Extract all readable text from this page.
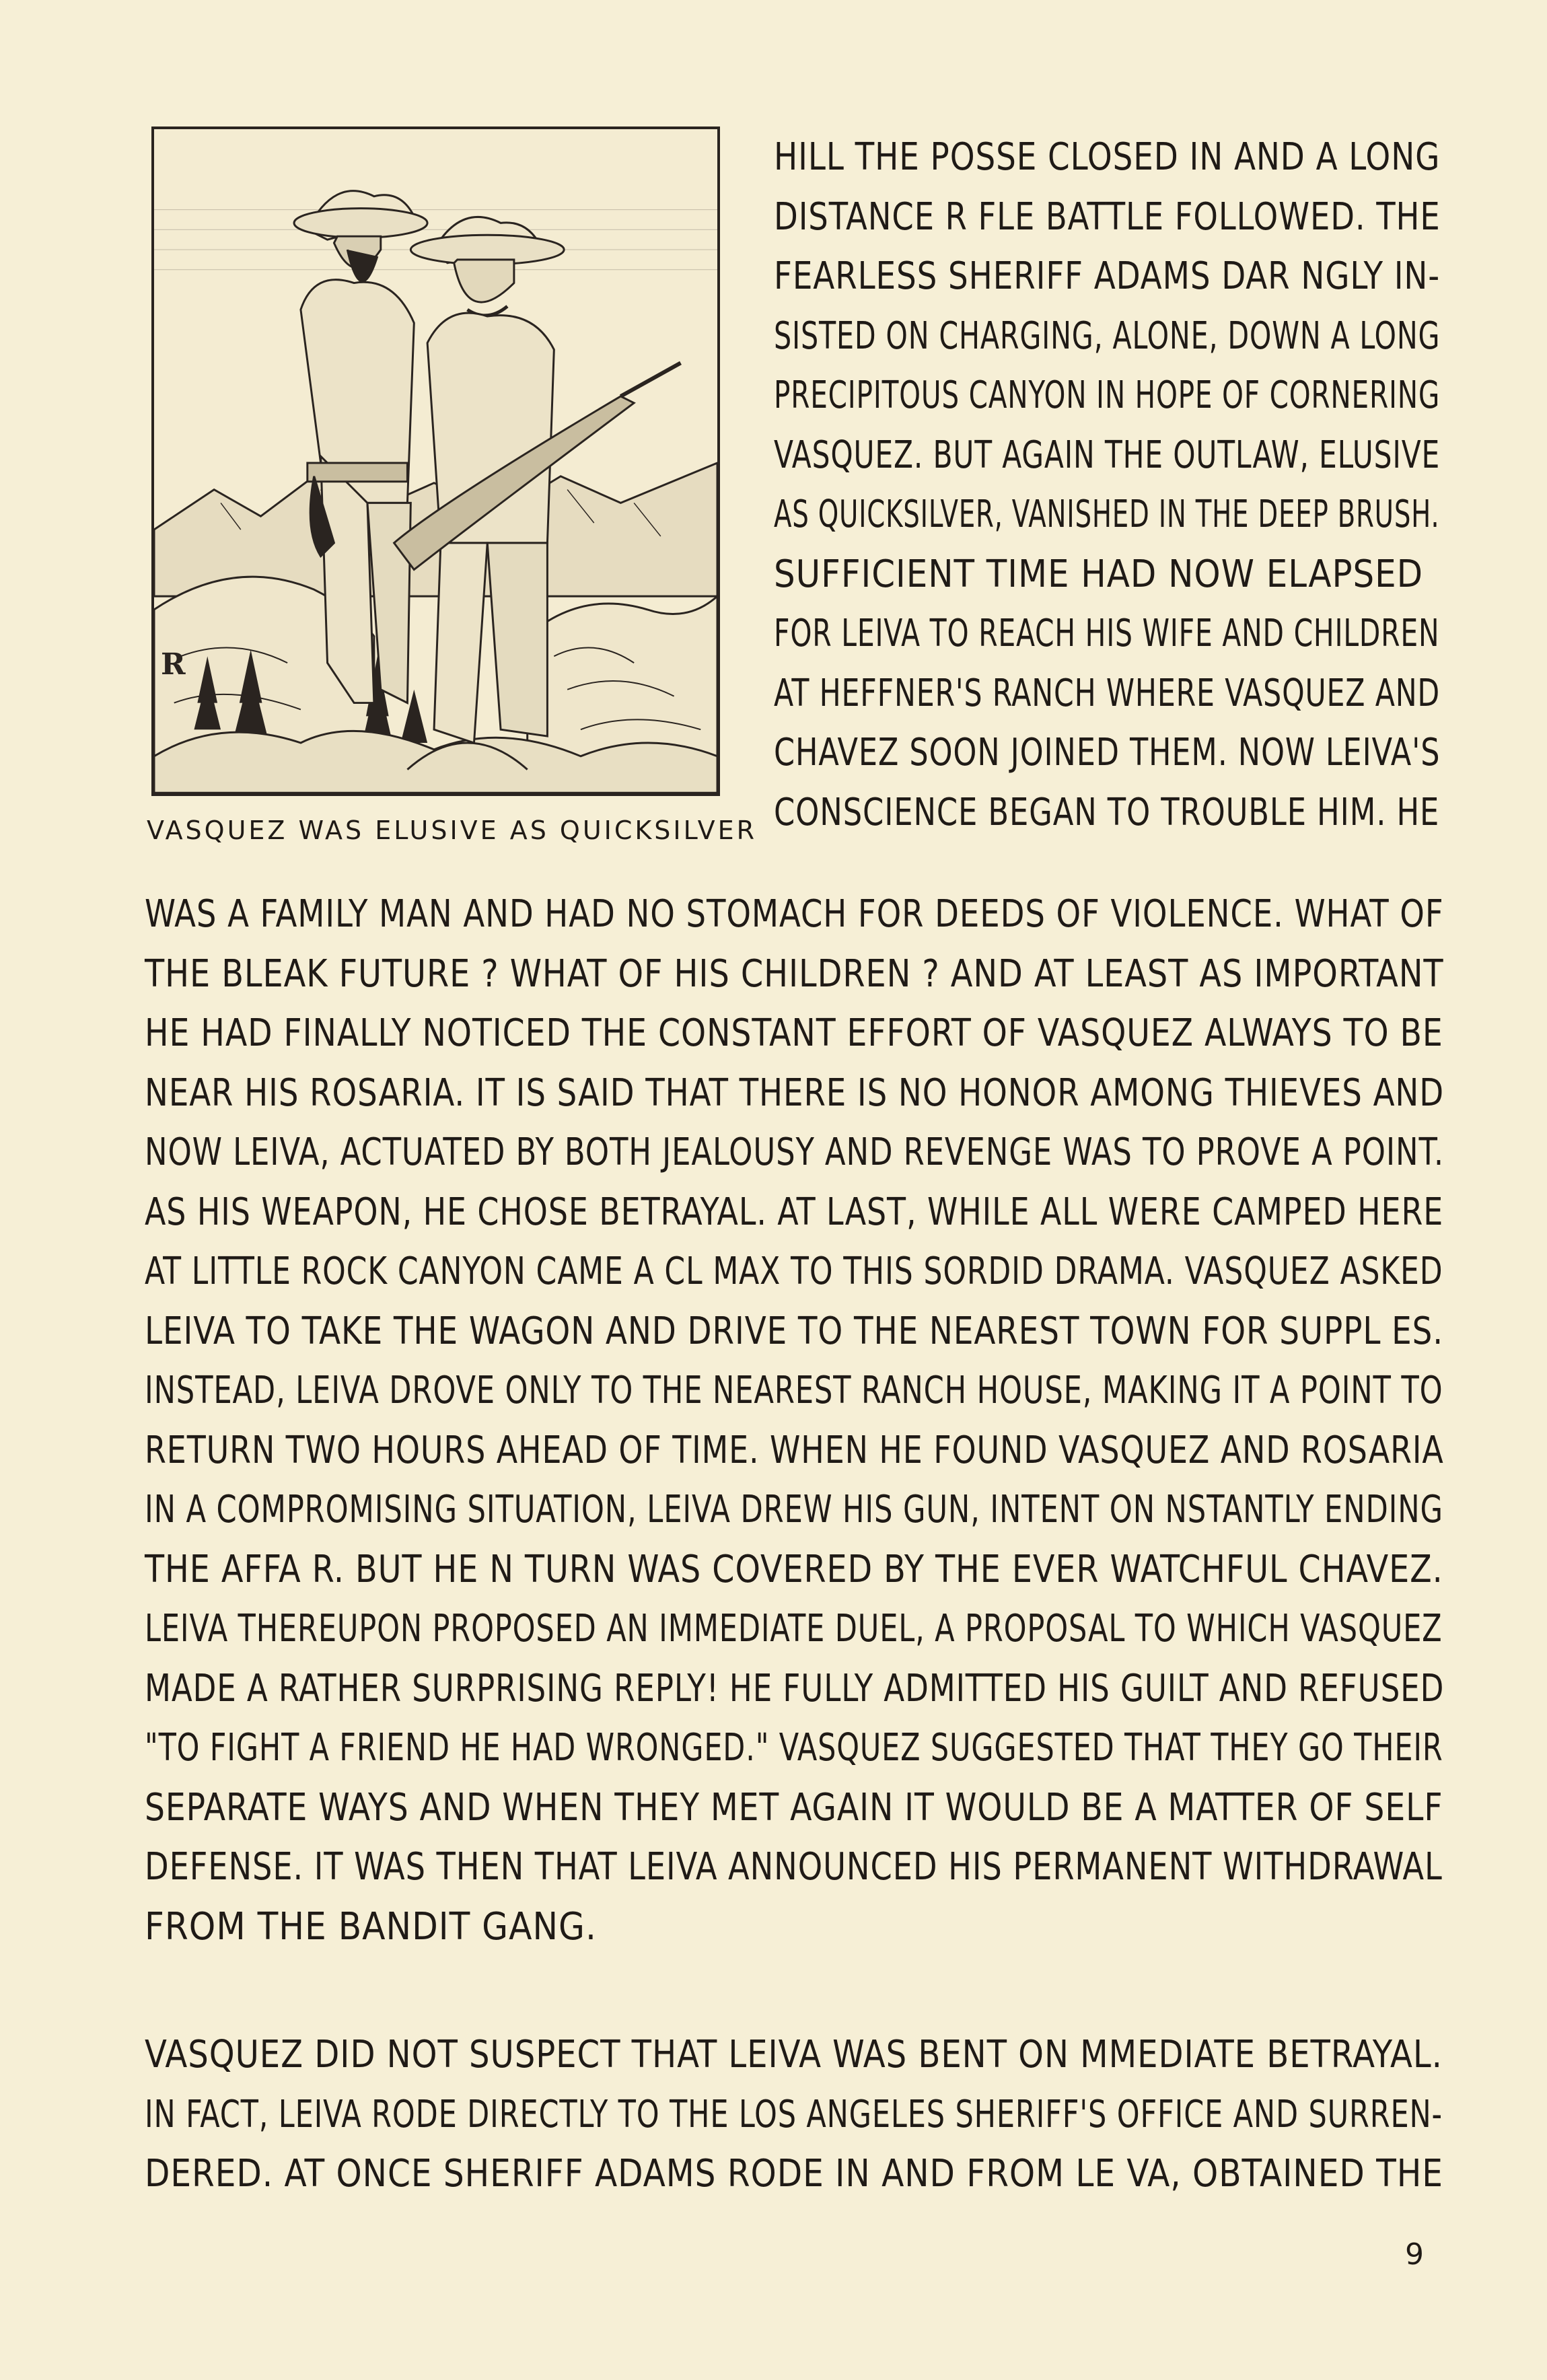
R
VASQUEZ WAS ELUSIVE AS QUICKSILVER
HILL THE POSSE CLOSED IN AND A LONG
DISTANCE R FLE BATTLE FOLLOWED. THE
FEARLESS SHERIFF ADAMS DAR NGLY IN-
SISTED ON CHARGING, ALONE, DOWN A LONG
PRECIPITOUS CANYON IN HOPE OF CORNERING
VASQUEZ. BUT AGAIN THE OUTLAW, ELUSIVE
AS QUICKSILVER, VANISHED IN THE DEEP BRUSH.
SUFFICIENT TIME HAD NOW ELAPSED
FOR LEIVA TO REACH HIS WIFE AND CHILDREN
AT HEFFNER'S RANCH WHERE VASQUEZ AND
CHAVEZ SOON JOINED THEM. NOW LEIVA'S
CONSCIENCE BEGAN TO TROUBLE HIM. HE
WAS A FAMILY MAN AND HAD NO STOMACH FOR DEEDS OF VIOLENCE. WHAT OF
THE BLEAK FUTURE ? WHAT OF HIS CHILDREN ? AND AT LEAST AS IMPORTANT
HE HAD FINALLY NOTICED THE CONSTANT EFFORT OF VASQUEZ ALWAYS TO BE
NEAR HIS ROSARIA. IT IS SAID THAT THERE IS NO HONOR AMONG THIEVES AND
NOW LEIVA, ACTUATED BY BOTH JEALOUSY AND REVENGE WAS TO PROVE A POINT.
AS HIS WEAPON, HE CHOSE BETRAYAL. AT LAST, WHILE ALL WERE CAMPED HERE
AT LITTLE ROCK CANYON CAME A CL MAX TO THIS SORDID DRAMA. VASQUEZ ASKED
LEIVA TO TAKE THE WAGON AND DRIVE TO THE NEAREST TOWN FOR SUPPL ES.
INSTEAD, LEIVA DROVE ONLY TO THE NEAREST RANCH HOUSE, MAKING IT A POINT TO
RETURN TWO HOURS AHEAD OF TIME. WHEN HE FOUND VASQUEZ AND ROSARIA
IN A COMPROMISING SITUATION, LEIVA DREW HIS GUN, INTENT ON NSTANTLY ENDING
THE AFFA R. BUT HE N TURN WAS COVERED BY THE EVER WATCHFUL CHAVEZ.
LEIVA THEREUPON PROPOSED AN IMMEDIATE DUEL, A PROPOSAL TO WHICH VASQUEZ
MADE A RATHER SURPRISING REPLY! HE FULLY ADMITTED HIS GUILT AND REFUSED
"TO FIGHT A FRIEND HE HAD WRONGED." VASQUEZ SUGGESTED THAT THEY GO THEIR
SEPARATE WAYS AND WHEN THEY MET AGAIN IT WOULD BE A MATTER OF SELF
DEFENSE. IT WAS THEN THAT LEIVA ANNOUNCED HIS PERMANENT WITHDRAWAL
FROM THE BANDIT GANG.
VASQUEZ DID NOT SUSPECT THAT LEIVA WAS BENT ON MMEDIATE BETRAYAL.
IN FACT, LEIVA RODE DIRECTLY TO THE LOS ANGELES SHERIFF'S OFFICE AND SURREN-
DERED. AT ONCE SHERIFF ADAMS RODE IN AND FROM LE VA, OBTAINED THE
9
